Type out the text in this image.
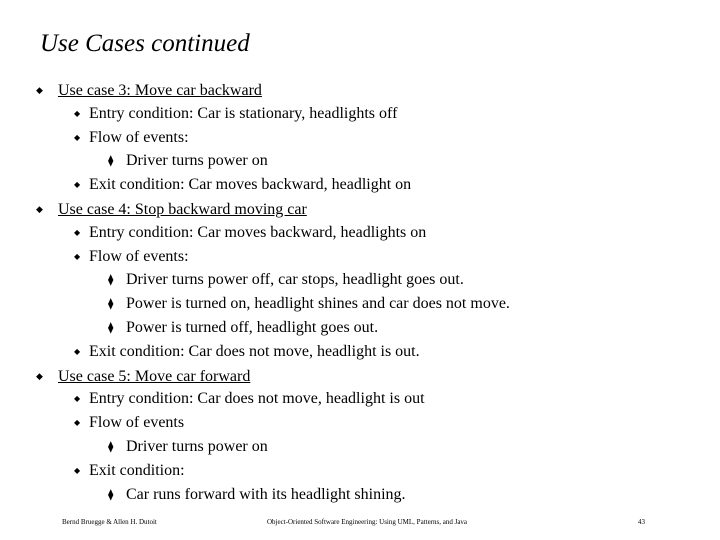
Use Cases continued
◆ Use case 3: Move car backward
◆ Entry condition: Car is stationary, headlights off
◆ Flow of events:
⧫ Driver turns power on
◆ Exit condition: Car moves backward, headlight on
◆ Use case 4: Stop backward moving car
◆ Entry condition: Car moves backward, headlights on
◆ Flow of events:
⧫ Driver turns power off, car stops, headlight goes out.
⧫ Power is turned on, headlight shines and car does not move.
⧫ Power is turned off, headlight goes out.
◆ Exit condition: Car does not move, headlight is out.
◆ Use case 5: Move car forward
◆ Entry condition: Car does not move, headlight is out
◆ Flow of events
⧫ Driver turns power on
◆ Exit condition:
⧫ Car runs forward with its headlight shining.
Bernd Bruegge & Allen H. Dutoit	Object-Oriented Software Engineering: Using UML, Patterns, and Java	43
